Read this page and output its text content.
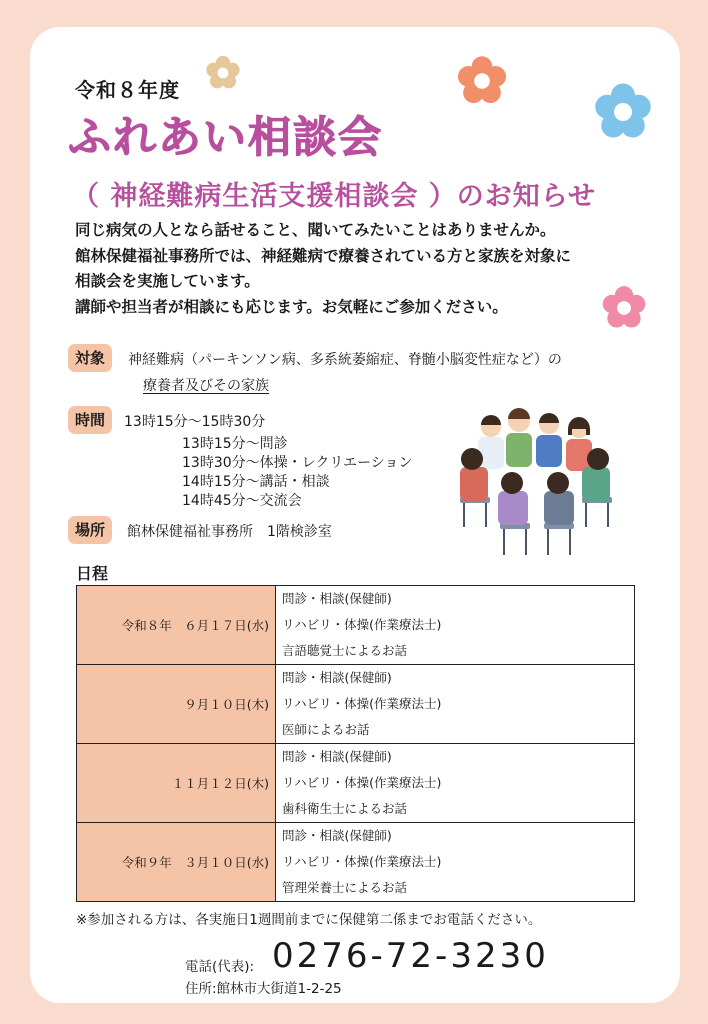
令和８年度
ふれあい相談会
（ 神経難病生活支援相談会 ）のお知らせ
同じ病気の人となら話せること、聞いてみたいことはありませんか。
館林保健福祉事務所では、神経難病で療養されている方と家族を対象に
相談会を実施しています。
講師や担当者が相談にも応じます。お気軽にご参加ください。
対象	神経難病（パーキンソン病、多系統萎縮症、脊髄小脳変性症など）の
療養者及びその家族
時間	13時15分～15時30分
13時15分～問診
13時30分～体操・レクリエーション
14時15分～講話・相談
14時45分～交流会
場所	館林保健福祉事務所　1階検診室
日程
令和８年　６月１７日(水)	問診・相談(保健師)
リハビリ・体操(作業療法士)
言語聴覚士によるお話

９月１０日(木)	問診・相談(保健師)
リハビリ・体操(作業療法士)
医師によるお話

１１月１２日(木)	問診・相談(保健師)
リハビリ・体操(作業療法士)
歯科衛生士によるお話

令和９年　３月１０日(水)	問診・相談(保健師)
リハビリ・体操(作業療法士)
管理栄養士によるお話
※参加される方は、各実施日1週間前までに保健第二係までお電話ください。
電話(代表): 0276-72-3230
住所:館林市大街道1-2-25
